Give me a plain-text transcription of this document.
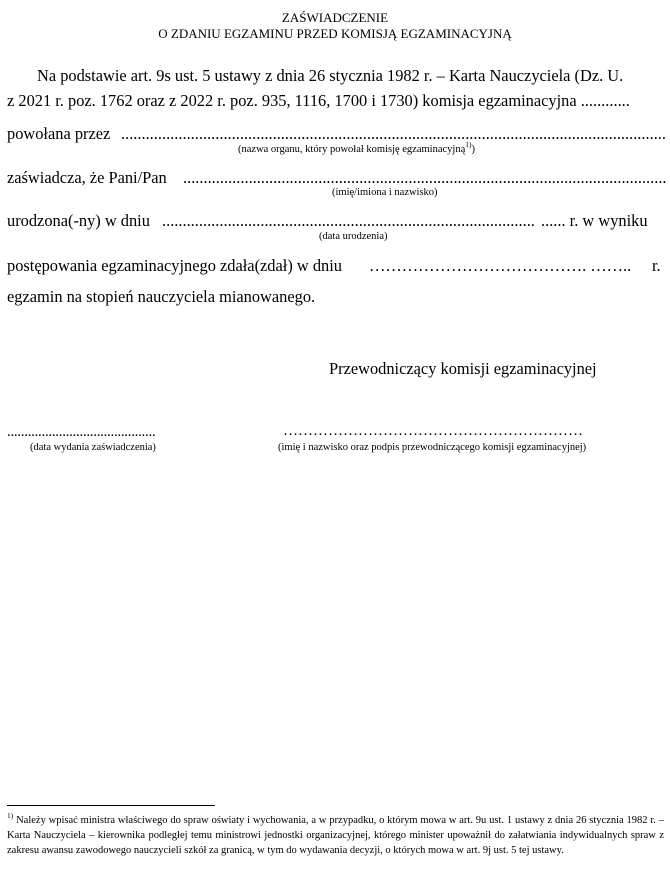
ZAŚWIADCZENIE
O ZDANIU EGZAMINU PRZED KOMISJĄ EGZAMINACYJNĄ
Na podstawie art. 9s ust. 5 ustawy z dnia 26 stycznia 1982 r. – Karta Nauczyciela (Dz. U.
z 2021 r. poz. 1762 oraz z 2022 r. poz. 935, 1116, 1700 i 1730) komisja egzaminacyjna ............
powołana przez
.....
(nazwa organu, który powołał komisję egzaminacyjną$^{1)}$)
zaświadcza, że Pani/Pan
.....
(imię/imiona i nazwisko)
urodzona(-ny) w dniu
.....	...... r. w wyniku
(data urodzenia)
postępowania egzaminacyjnego zdała(zdał) w dniu …………………………………. …….. r.
egzamin na stopień nauczyciela mianowanego.
Przewodniczący komisji egzaminacyjnej
...........................................
(data wydania zaświadczenia)
……………………………………………………
(imię i nazwisko oraz podpis przewodniczącego komisji egzaminacyjnej)
$^{1)}$ Należy wpisać ministra właściwego do spraw oświaty i wychowania, a w przypadku, o którym mowa w art. 9u ust. 1 ustawy z dnia 26 stycznia 1982 r. – Karta Nauczyciela – kierownika podległej temu ministrowi jednostki organizacyjnej, którego minister upoważnił do załatwiania indywidualnych spraw z zakresu awansu zawodowego nauczycieli szkół za granicą, w tym do wydawania decyzji, o których mowa w art. 9j ust. 5 tej ustawy.
